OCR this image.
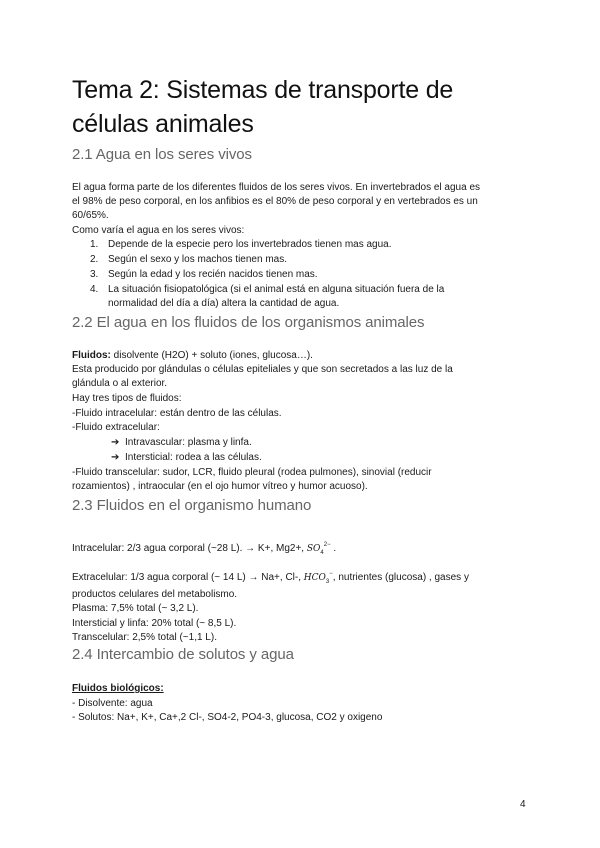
Tema 2: Sistemas de transporte de
células animales
2.1 Agua en los seres vivos
El agua forma parte de los diferentes fluidos de los seres vivos. En invertebrados el agua es
el 98% de peso corporal, en los anfibios es el 80% de peso corporal y en vertebrados es un
60/65%.
Como varía el agua en los seres vivos:
1. Depende de la especie pero los invertebrados tienen mas agua.
2. Según el sexo y los machos tienen mas.
3. Según la edad y los recién nacidos tienen mas.
4. La situación fisiopatológica (si el animal está en alguna situación fuera de la
normalidad del día a día) altera la cantidad de agua.
2.2 El agua en los fluidos de los organismos animales
Fluidos: disolvente (H2O) + soluto (iones, glucosa…).
Esta producido por glándulas o células epiteliales y que son secretados a las luz de la
glándula o al exterior.
Hay tres tipos de fluidos:
-Fluido intracelular: están dentro de las células.
-Fluido extracelular:
➔ Intravascular: plasma y linfa.
➔ Intersticial: rodea a las células.
-Fluido transcelular: sudor, LCR, fluido pleural (rodea pulmones), sinovial (reducir
rozamientos) , intraocular (en el ojo humor vítreo y humor acuoso).
2.3 Fluidos en el organismo humano
Intracelular: 2/3 agua corporal (~28 L). → K+, Mg2+, $SO_4^{2-}$ .
Extracelular: 1/3 agua corporal (~ 14 L) → Na+, Cl-, $HCO_3^-$, nutrientes (glucosa) , gases y
productos celulares del metabolismo.
Plasma: 7,5% total (~ 3,2 L).
Intersticial y linfa: 20% total (~ 8,5 L).
Transcelular: 2,5% total (~1,1 L).
2.4 Intercambio de solutos y agua
Fluidos biológicos:
- Disolvente: agua
- Solutos: Na+, K+, Ca+,2 Cl-, SO4-2, PO4-3, glucosa, CO2 y oxigeno
4
